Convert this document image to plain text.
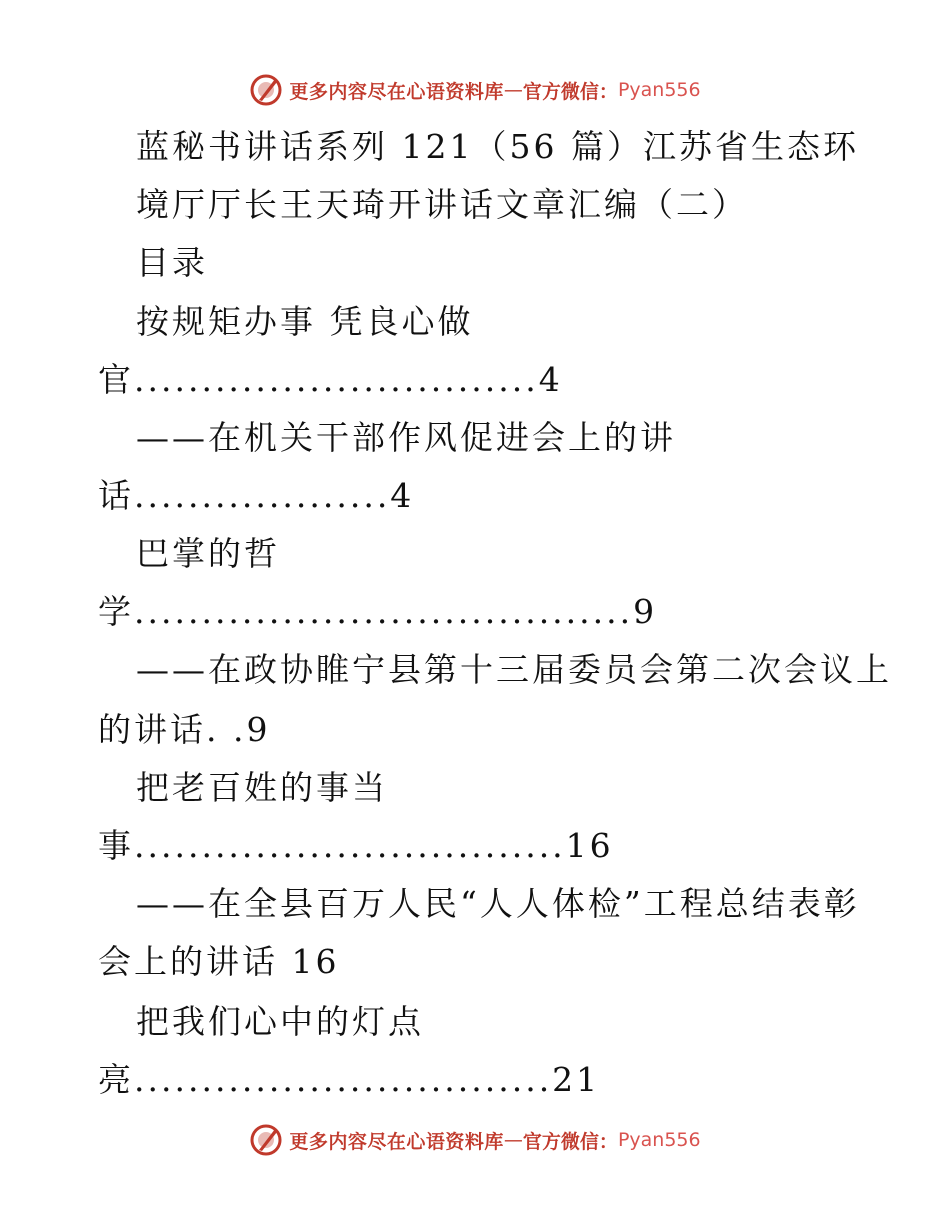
更多内容尽在心语资料库 — 官方微信： Pyan556
蓝秘书讲话系列 121（56 篇）江苏省生态环
境厅厅长王天琦开讲话文章汇编（二）
目录
按规矩办事 凭良心做
官..............................4
——在机关干部作风促进会上的讲
话...................4
巴掌的哲
学.....................................9
——在政协睢宁县第十三届委员会第二次会议上
的讲话. .9
把老百姓的事当
事................................16
——在全县百万人民“人人体检”工程总结表彰
会上的讲话 16
把我们心中的灯点
亮...............................21
更多内容尽在心语资料库 — 官方微信： Pyan556
